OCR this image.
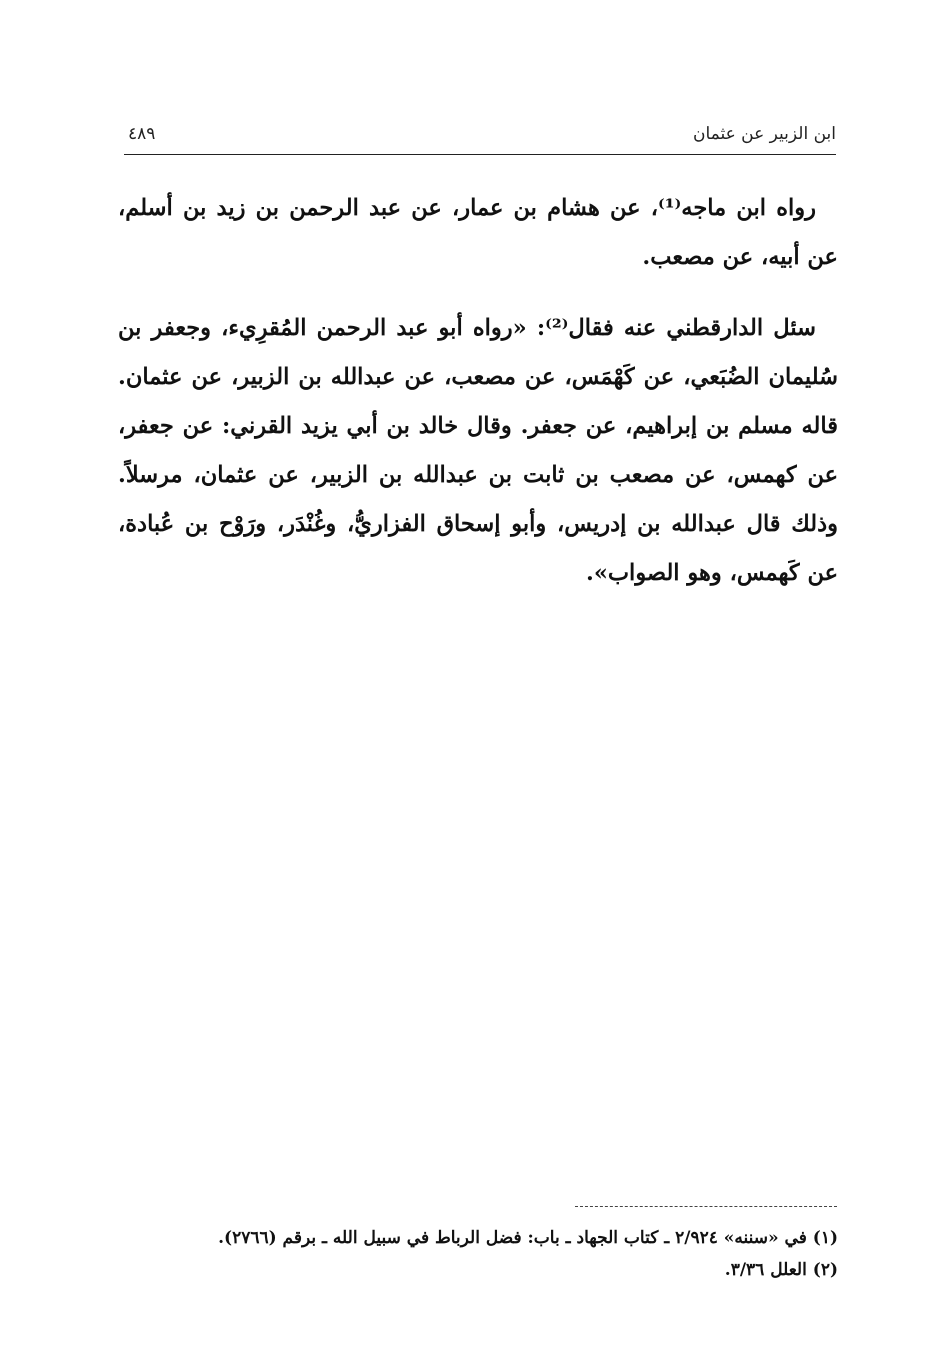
ابن الزبير عن عثمان
٤٨٩

رواه ابن ماجه⁽¹⁾، عن هشام بن عمار، عن عبد الرحمن بن زيد بن أسلم، عن أبيه، عن مصعب.

سئل الدارقطني عنه فقال⁽²⁾: «رواه أبو عبد الرحمن المُقرِيء، وجعفر بن سُليمان الضُبَعي، عن كَهْمَس، عن مصعب، عن عبدالله بن الزبير، عن عثمان. قاله مسلم بن إبراهيم، عن جعفر. وقال خالد بن أبي يزيد القرني: عن جعفر، عن كهمس، عن مصعب بن ثابت بن عبدالله بن الزبير، عن عثمان، مرسلاً. وذلك قال عبدالله بن إدريس، وأبو إسحاق الفزاريُّ، وغُنْدَر، ورَوْح بن عُبادة، عن كَهمس، وهو الصواب».

(١) في «سننه» ٢/٩٢٤ ـ كتاب الجهاد ـ باب: فضل الرباط في سبيل الله ـ برقم (٢٧٦٦).

(٢) العلل ٣/٣٦.
